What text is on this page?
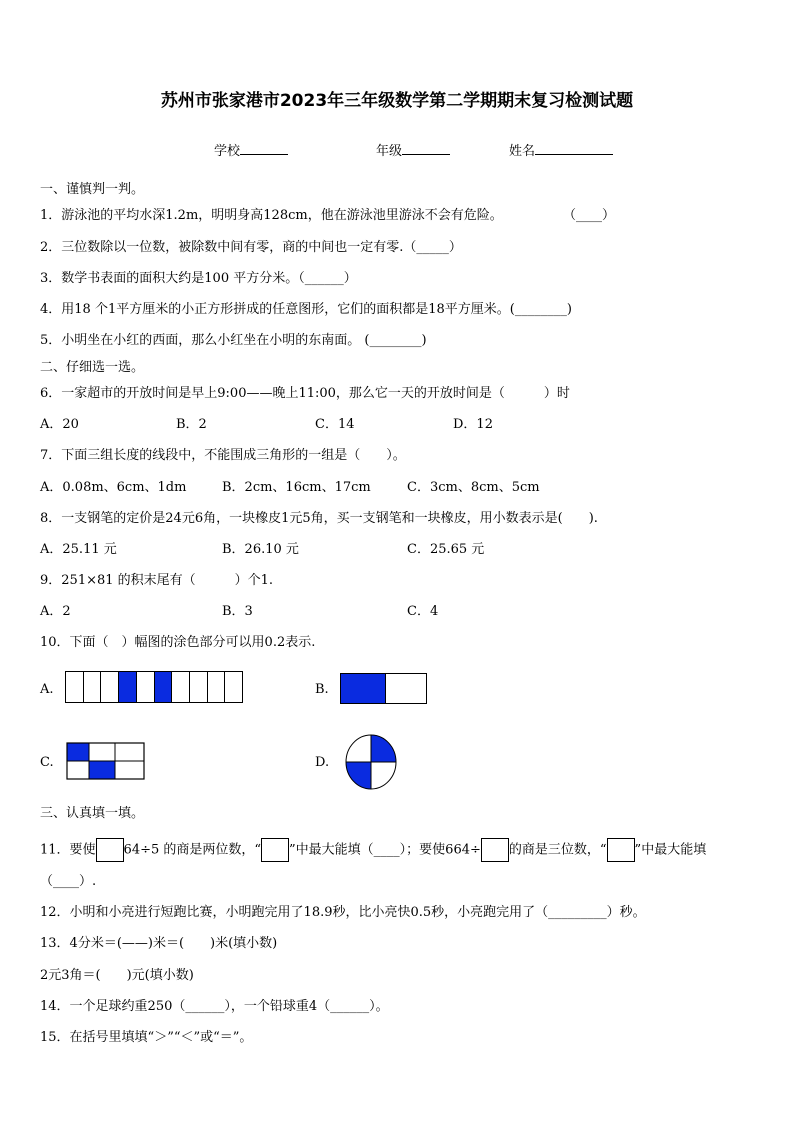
苏州市张家港市2023年三年级数学第二学期期末复习检测试题
学校	年级	姓名
一、谨慎判一判。
1．游泳池的平均水深1.2m，明明身高128cm，他在游泳池里游泳不会有危险。	（____）
2．三位数除以一位数，被除数中间有零，商的中间也一定有零.（_____）
3．数学书表面的面积大约是100 平方分米。（______）
4．用18 个1平方厘米的小正方形拼成的任意图形，它们的面积都是18平方厘米。(________)
5．小明坐在小红的西面，那么小红坐在小明的东南面。 (________)
二、仔细选一选。
6．一家超市的开放时间是早上9:00——晚上11:00，那么它一天的开放时间是（　　　）时
A．20	B．2	C．14	D．12
7．下面三组长度的线段中，不能围成三角形的一组是（　　）。
A．0.08m、6cm、1dm	B．2cm、16cm、17cm	C．3cm、8cm、5cm
8．一支钢笔的定价是24元6角，一块橡皮1元5角，买一支钢笔和一块橡皮，用小数表示是(　　).
A．25.11 元	B．26.10 元	C．25.65 元
9．251×81 的积末尾有（　　　）个1.
A．2	B．3	C．4
10．下面（　）幅图的涂色部分可以用0.2表示.
A.	B.
C.	D.
三、认真填一填。
11．要使 64÷5 的商是两位数，“ ”中最大能填（____）；要使664÷ 的商是三位数，“ ”中最大能填
（____）.
12．小明和小亮进行短跑比赛，小明跑完用了18.9秒，比小亮快0.5秒，小亮跑完用了（_________）秒。
13．4分米＝(——)米＝(　　)米(填小数)
2元3角＝(　　)元(填小数)
14．一个足球约重250（______），一个铅球重4（______）。
15．在括号里填填“＞”“＜”或“＝”。
